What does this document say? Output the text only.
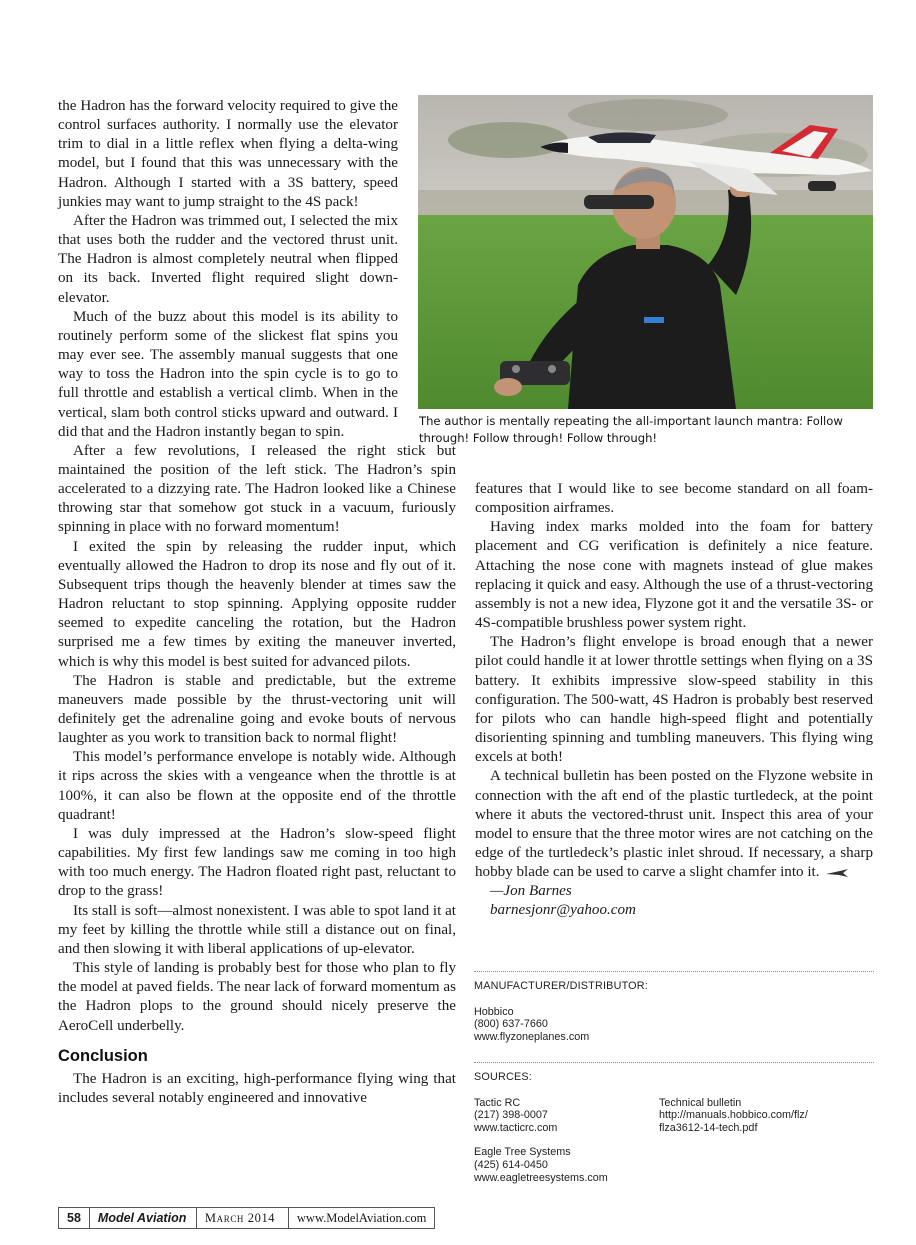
the Hadron has the forward velocity required to give the control surfaces authority. I normally use the elevator trim to dial in a little reflex when flying a delta-wing model, but I found that this was unnecessary with the Hadron. Although I started with a 3S battery, speed junkies may want to jump straight to the 4S pack!

After the Hadron was trimmed out, I selected the mix that uses both the rudder and the vectored thrust unit. The Hadron is almost completely neutral when flipped on its back. Inverted flight required slight down-elevator.

Much of the buzz about this model is its ability to routinely perform some of the slickest flat spins you may ever see. The assembly manual suggests that one way to toss the Hadron into the spin cycle is to go to full throttle and establish a vertical climb. When in the vertical, slam both control sticks upward and outward. I did that and the Hadron instantly began to spin.

After a few revolutions, I released the right stick but maintained the position of the left stick. The Hadron’s spin accelerated to a dizzying rate. The Hadron looked like a Chinese throwing star that somehow got stuck in a vacuum, furiously spinning in place with no forward momentum!

I exited the spin by releasing the rudder input, which eventually allowed the Hadron to drop its nose and fly out of it. Subsequent trips though the heavenly blender at times saw the Hadron reluctant to stop spinning. Applying opposite rudder seemed to expedite canceling the rotation, but the Hadron surprised me a few times by exiting the maneuver inverted, which is why this model is best suited for advanced pilots.

The Hadron is stable and predictable, but the extreme maneuvers made possible by the thrust-vectoring unit will definitely get the adrenaline going and evoke bouts of nervous laughter as you work to transition back to normal flight!

This model’s performance envelope is notably wide. Although it rips across the skies with a vengeance when the throttle is at 100%, it can also be flown at the opposite end of the throttle quadrant!

I was duly impressed at the Hadron’s slow-speed flight capabilities. My first few landings saw me coming in too high with too much energy. The Hadron floated right past, reluctant to drop to the grass!

Its stall is soft—almost nonexistent. I was able to spot land it at my feet by killing the throttle while still a distance out on final, and then slowing it with liberal applications of up-elevator.

This style of landing is probably best for those who plan to fly the model at paved fields. The near lack of forward momentum as the Hadron plops to the ground should nicely preserve the AeroCell underbelly.

Conclusion

The Hadron is an exciting, high-performance flying wing that includes several notably engineered and innovative

The author is mentally repeating the all-important launch mantra: Follow through! Follow through! Follow through!

features that I would like to see become standard on all foam-composition airframes.

Having index marks molded into the foam for battery placement and CG verification is definitely a nice feature. Attaching the nose cone with magnets instead of glue makes replacing it quick and easy. Although the use of a thrust-vectoring assembly is not a new idea, Flyzone got it and the versatile 3S- or 4S-compatible brushless power system right.

The Hadron’s flight envelope is broad enough that a newer pilot could handle it at lower throttle settings when flying on a 3S battery. It exhibits impressive slow-speed stability in this configuration. The 500-watt, 4S Hadron is probably best reserved for pilots who can handle high-speed flight and potentially disorienting spinning and tumbling maneuvers. This flying wing excels at both!

A technical bulletin has been posted on the Flyzone website in connection with the aft end of the plastic turtledeck, at the point where it abuts the vectored-thrust unit. Inspect this area of your model to ensure that the three motor wires are not catching on the edge of the turtledeck’s plastic inlet shroud. If necessary, a sharp hobby blade can be used to carve a slight chamfer into it.

—Jon Barnes

barnesjonr@yahoo.com

MANUFACTURER/DISTRIBUTOR:
Hobbico
(800) 637-7660
www.flyzoneplanes.com
SOURCES:
Tactic RC
(217) 398-0007
www.tacticrc.com
Eagle Tree Systems
(425) 614-0450
www.eagletreesystems.com
Technical bulletin
http://manuals.hobbico.com/flz/
flza3612-14-tech.pdf
58	Model Aviation	March 2014	www.ModelAviation.com
